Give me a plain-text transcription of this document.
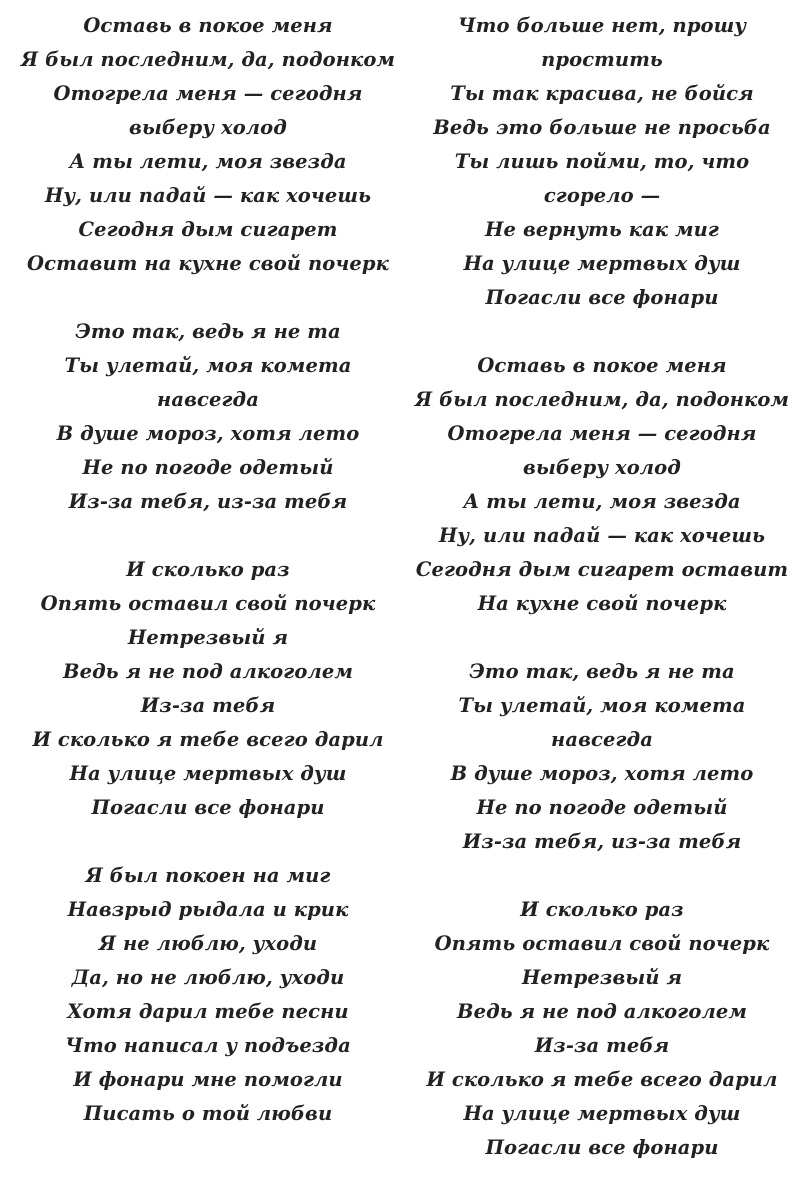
Оставь в покое меня
Я был последним, да, подонком
Отогрела меня — сегодня выберу холод
А ты лети, моя звезда
Ну, или падай — как хочешь
Сегодня дым сигарет
Оставит на кухне свой почерк
Это так, ведь я не та
Ты улетай, моя комета навсегда
В душе мороз, хотя лето
Не по погоде одетый
Из-за тебя, из-за тебя
И сколько раз
Опять оставил свой почерк
Нетрезвый я
Ведь я не под алкоголем
Из-за тебя
И сколько я тебе всего дарил
На улице мертвых душ
Погасли все фонари
Я был покоен на миг
Навзрыд рыдала и крик
Я не люблю, уходи
Да, но не люблю, уходи
Хотя дарил тебе песни
Что написал у подъезда
И фонари мне помогли
Писать о той любви
Что больше нет, прошу простить
Ты так красива, не бойся
Ведь это больше не просьба
Ты лишь пойми, то, что сгорело —
Не вернуть как миг
На улице мертвых душ
Погасли все фонари
Оставь в покое меня
Я был последним, да, подонком
Отогрела меня — сегодня выберу холод
А ты лети, моя звезда
Ну, или падай — как хочешь
Сегодня дым сигарет оставит
На кухне свой почерк
Это так, ведь я не та
Ты улетай, моя комета навсегда
В душе мороз, хотя лето
Не по погоде одетый
Из-за тебя, из-за тебя
И сколько раз
Опять оставил свой почерк
Нетрезвый я
Ведь я не под алкоголем
Из-за тебя
И сколько я тебе всего дарил
На улице мертвых душ
Погасли все фонари
